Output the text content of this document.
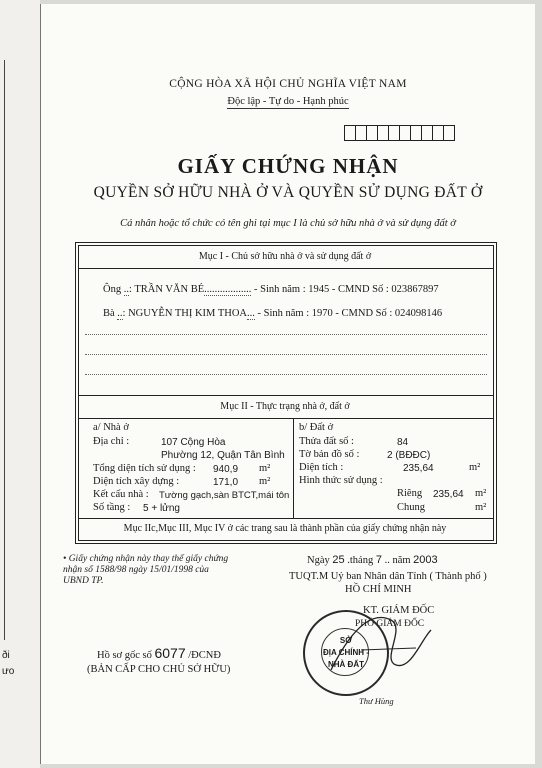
ði
ưo
CỘNG HÒA XÃ HỘI CHỦ NGHĨA VIỆT NAM
Độc lập - Tự do - Hạnh phúc
GIẤY CHỨNG NHẬN
QUYỀN SỞ HỮU NHÀ Ở VÀ QUYỀN SỬ DỤNG ĐẤT Ở
Cá nhân hoặc tổ chức có tên ghi tại mục I là chủ sở hữu nhà ở và sử dụng đất ở
Mục I - Chủ sở hữu nhà ở và sử dụng đất ở
Ông ..: TRẦN VĂN BÉ.................. - Sinh năm : 1945 - CMND Số : 023867897
Bà ..: NGUYỄN THỊ KIM THOA... - Sinh năm : 1970 - CMND Số : 024098146
Mục II - Thực trạng nhà ở, đất ở
a/ Nhà ở
Địa chỉ :	107 Cộng Hòa
Phường 12, Quận Tân Bình
Tổng diện tích sử dụng : 940,9 m²
Diện tích xây dựng :	171,0 m²
Kết cấu nhà : Tường gạch,sàn BTCT,mái tôn
Số tầng : 5 + lửng
b/ Đất ở
Thửa đất số :	84
Tờ bản đồ số :	2 (BĐĐC)
Diện tích :	235,64	m²
Hình thức sử dụng :
Riêng 235,64 m²
Chung	m²
Mục IIc,Mục III, Mục IV ở các trang sau là thành phần của giấy chứng nhận này
• Giấy chứng nhận này thay thế giấy chứng nhận số 1588/98 ngày 15/01/1998 của UBND TP.
Ngày 25 .tháng 7 .. năm 2003
TUQT.M Uỷ ban Nhân dân Tỉnh ( Thành phố )
HỒ CHÍ MINH
KT. GIÁM ĐỐC
PHÓ GIÁM ĐỐC
SỞ
ĐỊA CHÍNH -
NHÀ ĐẤT
Thư Hùng
Hồ sơ gốc số 6077 /ĐCNĐ
(BẢN CẤP CHO CHỦ SỞ HỮU)
